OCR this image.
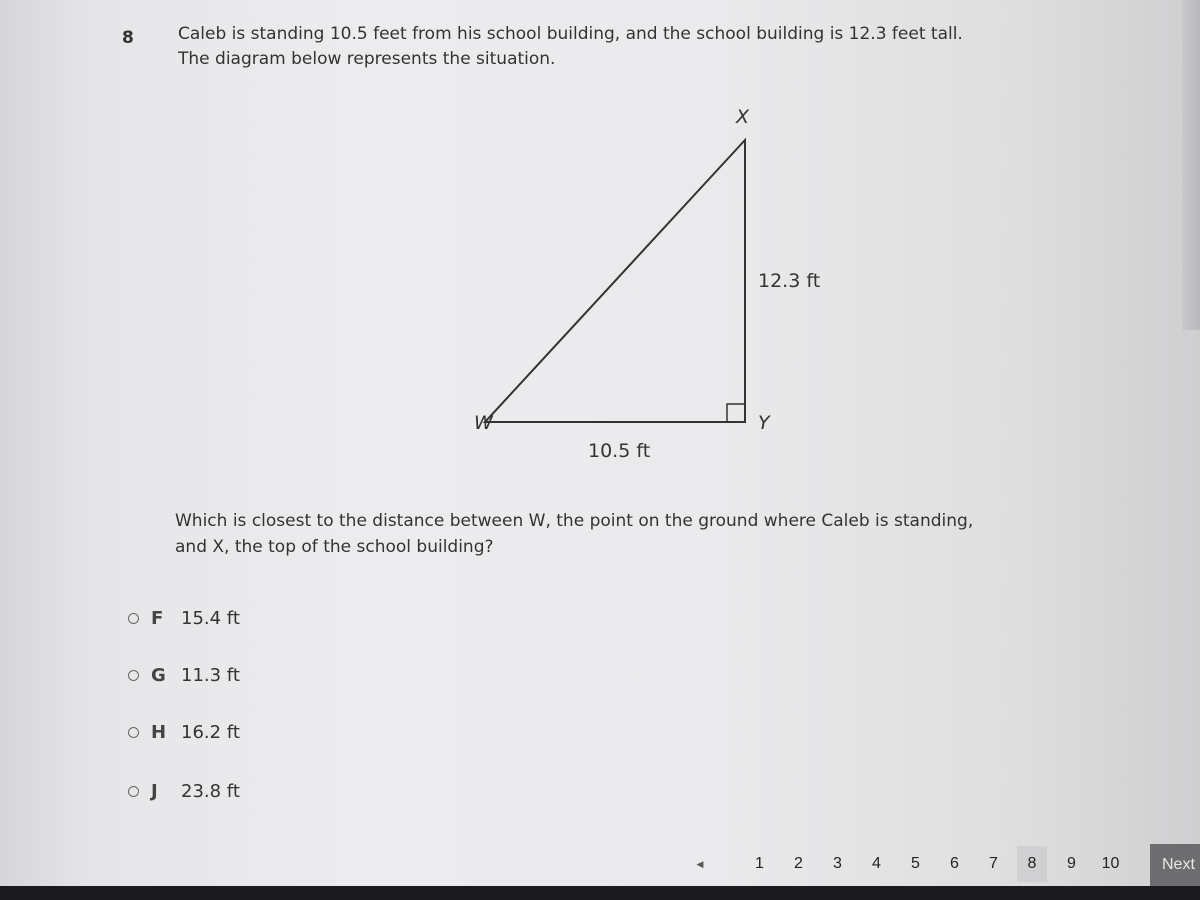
8	Caleb is standing 10.5 feet from his school building, and the school building is 12.3 feet tall.
The diagram below represents the situation.
X
12.3 ft
W	Y
10.5 ft
Which is closest to the distance between W, the point on the ground where Caleb is standing,
and X, the top of the school building?
F 15.4 ft
G 11.3 ft
H 16.2 ft
J	23.8 ft
◀	1	2	3	4	5	6	7	8	9	10	Next
